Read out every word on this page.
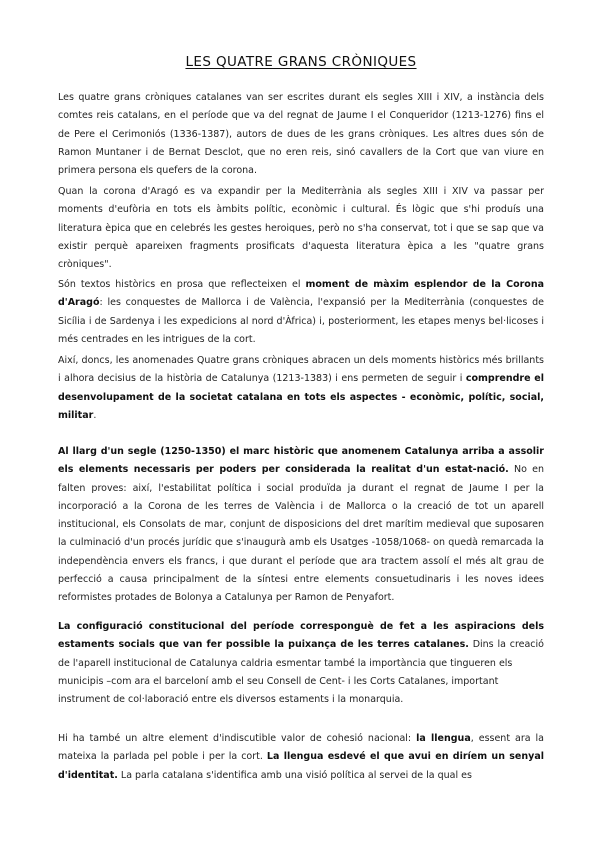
LES QUATRE GRANS CRÒNIQUES

Les quatre grans cròniques catalanes van ser escrites durant els segles XIII i XIV, a instància dels comtes reis catalans, en el període que va del regnat de Jaume I el Conqueridor (1213-1276) fins el de Pere el Cerimoniós (1336-1387), autors de dues de les grans cròniques. Les altres dues són de Ramon Muntaner i de Bernat Desclot, que no eren reis, sinó cavallers de la Cort que van viure en primera persona els quefers de la corona.

Quan la corona d'Aragó es va expandir per la Mediterrània als segles XIII i XIV va passar per moments d'eufòria en tots els àmbits polític, econòmic i cultural. És lògic que s'hi produís una literatura èpica que en celebrés les gestes heroiques, però no s'ha conservat, tot i que se sap que va existir perquè apareixen fragments prosificats d'aquesta literatura èpica a les "quatre grans cròniques".

Són textos històrics en prosa que reflecteixen el moment de màxim esplendor de la Corona d'Aragó: les conquestes de Mallorca i de València, l'expansió per la Mediterrània (conquestes de Sicília i de Sardenya i les expedicions al nord d'Àfrica) i, posteriorment, les etapes menys bel·licoses i més centrades en les intrigues de la cort.

Així, doncs, les anomenades Quatre grans cròniques abracen un dels moments històrics més brillants i alhora decisius de la història de Catalunya (1213-1383) i ens permeten de seguir i comprendre el desenvolupament de la societat catalana en tots els aspectes - econòmic, polític, social, militar.

Al llarg d'un segle (1250-1350) el marc històric que anomenem Catalunya arriba a assolir els elements necessaris per poders per considerada la realitat d'un estat-nació. No en falten proves: així, l'estabilitat política i social produïda ja durant el regnat de Jaume I per la incorporació a la Corona de les terres de València i de Mallorca o la creació de tot un aparell institucional, els Consolats de mar, conjunt de disposicions del dret marítim medieval que suposaren la culminació d'un procés jurídic que s'inaugurà amb els Usatges -1058/1068- on quedà remarcada la independència envers els francs, i que durant el període que ara tractem assolí el més alt grau de perfecció a causa principalment de la síntesi entre elements consuetudinaris i les noves idees reformistes protades de Bolonya a Catalunya per Ramon de Penyafort.

La configuració constitucional del període corresponguè de fet a les aspiracions dels estaments socials que van fer possible la puixança de les terres catalanes. Dins la creació de l'aparell institucional de Catalunya caldria esmentar també la importància que tingueren els
municipis –com ara el barceloní amb el seu Consell de Cent- i les Corts Catalanes, important instrument de col·laboració entre els diversos estaments i la monarquia.

Hi ha també un altre element d'indiscutible valor de cohesió nacional: la llengua, essent ara la mateixa la parlada pel poble i per la cort. La llengua esdevé el que avui en diríem un senyal d'identitat. La parla catalana s'identifica amb una visió política al servei de la qual es
